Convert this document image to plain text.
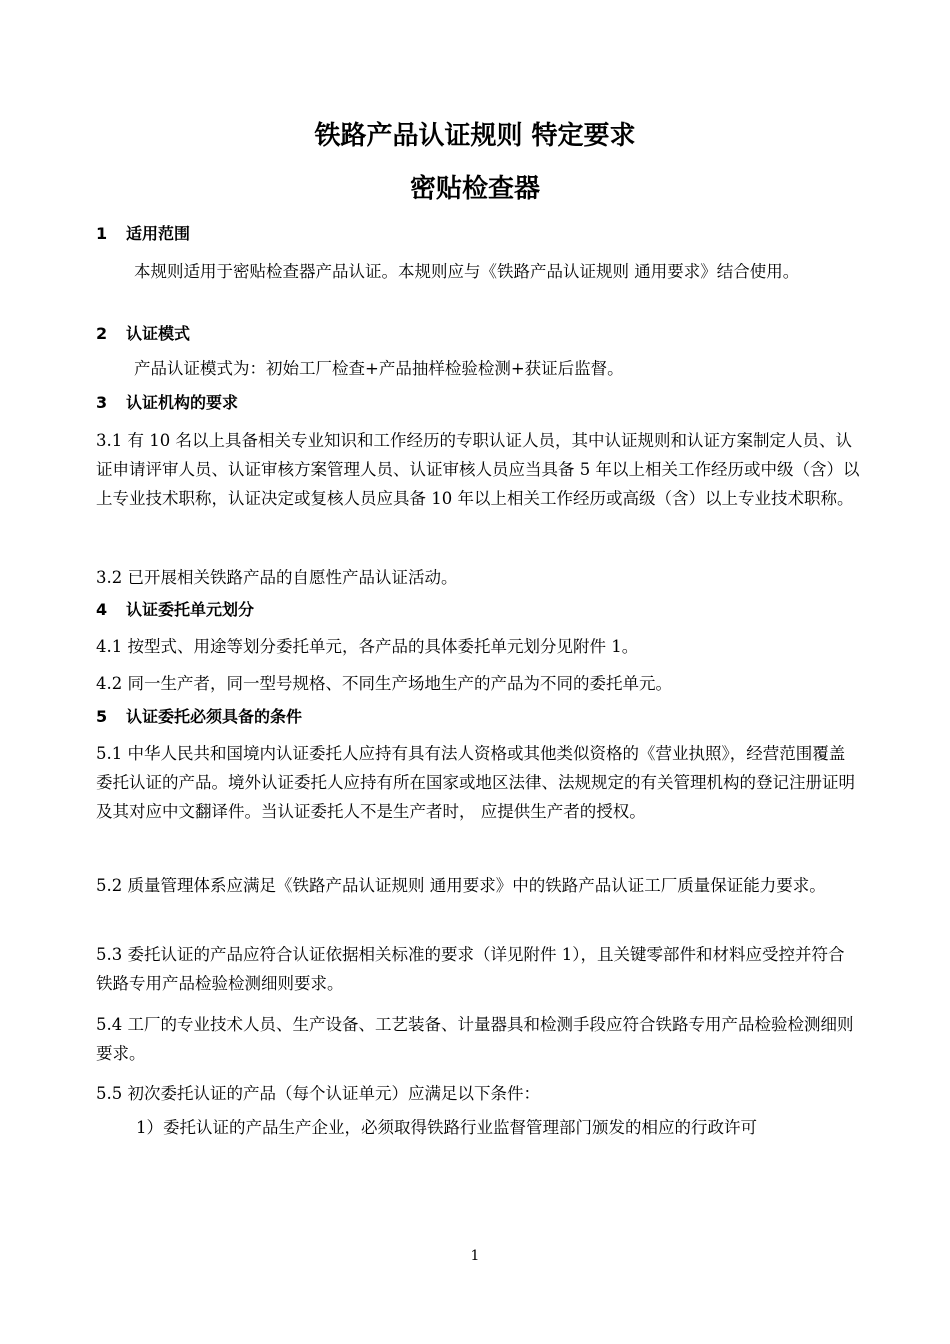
铁路产品认证规则 特定要求
密贴检查器
1 适用范围
本规则适用于密贴检查器产品认证。本规则应与《铁路产品认证规则 通用要求》结合使用。
2 认证模式
产品认证模式为：初始工厂检查+产品抽样检验检测+获证后监督。
3 认证机构的要求
3.1 有 10 名以上具备相关专业知识和工作经历的专职认证人员，其中认证规则和认证方案制定人员、认证申请评审人员、认证审核方案管理人员、认证审核人员应当具备 5 年以上相关工作经历或中级（含）以上专业技术职称，认证决定或复核人员应具备 10 年以上相关工作经历或高级（含）以上专业技术职称。
3.2 已开展相关铁路产品的自愿性产品认证活动。
4 认证委托单元划分
4.1 按型式、用途等划分委托单元，各产品的具体委托单元划分见附件 1。
4.2 同一生产者，同一型号规格、不同生产场地生产的产品为不同的委托单元。
5 认证委托必须具备的条件
5.1 中华人民共和国境内认证委托人应持有具有法人资格或其他类似资格的《营业执照》，经营范围覆盖委托认证的产品。境外认证委托人应持有所在国家或地区法律、法规规定的有关管理机构的登记注册证明及其对应中文翻译件。当认证委托人不是生产者时， 应提供生产者的授权。
5.2 质量管理体系应满足《铁路产品认证规则 通用要求》中的铁路产品认证工厂质量保证能力要求。
5.3 委托认证的产品应符合认证依据相关标准的要求（详见附件 1），且关键零部件和材料应受控并符合铁路专用产品检验检测细则要求。
5.4 工厂的专业技术人员、生产设备、工艺装备、计量器具和检测手段应符合铁路专用产品检验检测细则要求。
5.5 初次委托认证的产品（每个认证单元）应满足以下条件：
1）委托认证的产品生产企业，必须取得铁路行业监督管理部门颁发的相应的行政许可
1
